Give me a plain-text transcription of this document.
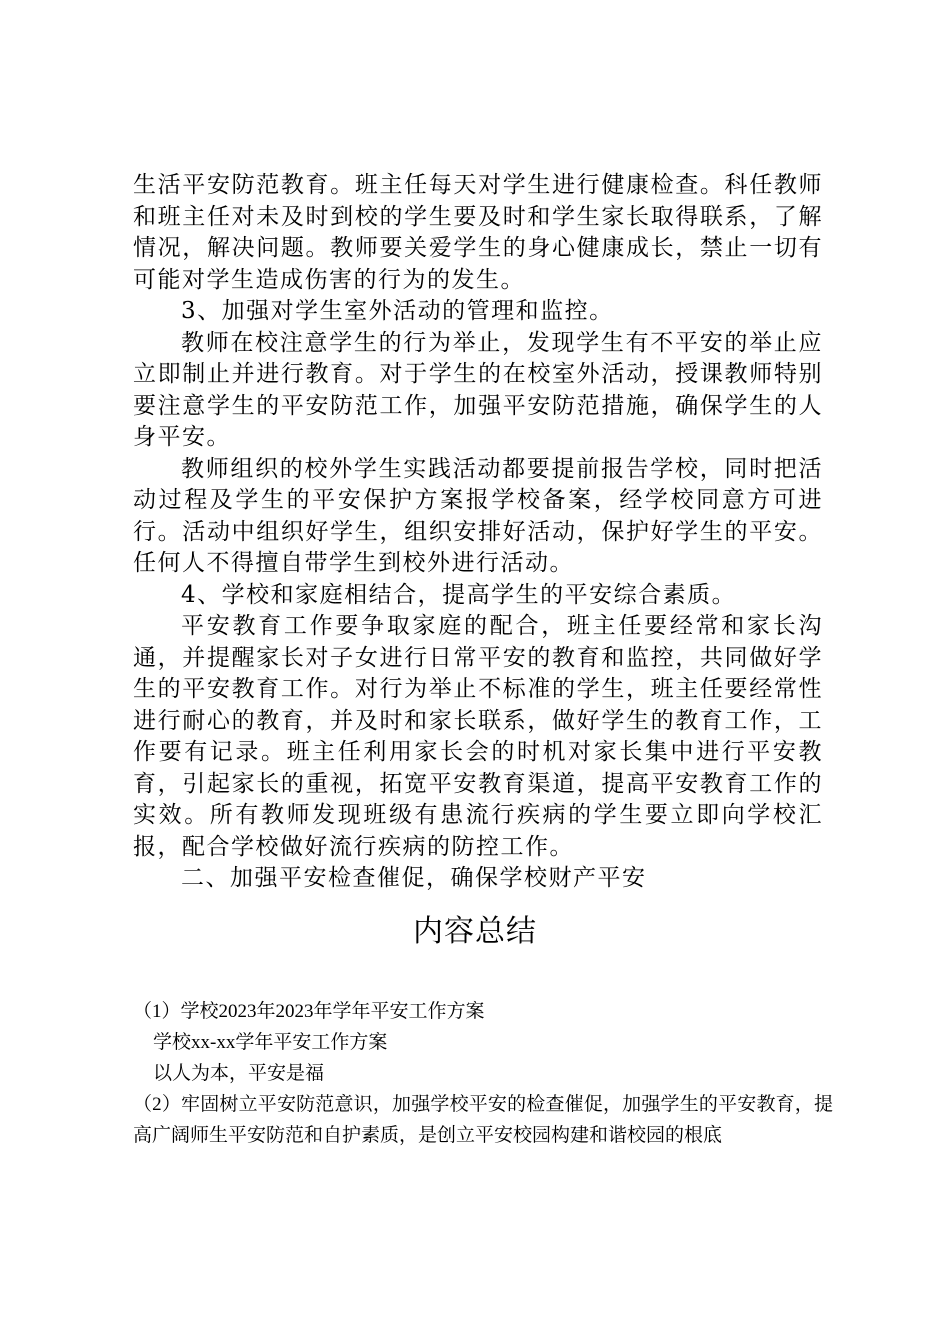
生活平安防范教育。班主任每天对学生进行健康检查。科任教师和班主任对未及时到校的学生要及时和学生家长取得联系，了解情况，解决问题。教师要关爱学生的身心健康成长，禁止一切有可能对学生造成伤害的行为的发生。

3、加强对学生室外活动的管理和监控。

教师在校注意学生的行为举止，发现学生有不平安的举止应立即制止并进行教育。对于学生的在校室外活动，授课教师特别要注意学生的平安防范工作，加强平安防范措施，确保学生的人身平安。

教师组织的校外学生实践活动都要提前报告学校，同时把活动过程及学生的平安保护方案报学校备案，经学校同意方可进行。活动中组织好学生，组织安排好活动，保护好学生的平安。任何人不得擅自带学生到校外进行活动。

4、学校和家庭相结合，提高学生的平安综合素质。

平安教育工作要争取家庭的配合，班主任要经常和家长沟通，并提醒家长对子女进行日常平安的教育和监控，共同做好学生的平安教育工作。对行为举止不标准的学生，班主任要经常性进行耐心的教育，并及时和家长联系，做好学生的教育工作，工作要有记录。班主任利用家长会的时机对家长集中进行平安教育，引起家长的重视，拓宽平安教育渠道，提高平安教育工作的实效。所有教师发现班级有患流行疾病的学生要立即向学校汇报，配合学校做好流行疾病的防控工作。

二、加强平安检查催促，确保学校财产平安

内容总结

（1）学校2023年2023年学年平安工作方案

学校xx-xx学年平安工作方案

以人为本，平安是福

（2）牢固树立平安防范意识，加强学校平安的检查催促，加强学生的平安教育，提高广阔师生平安防范和自护素质，是创立平安校园构建和谐校园的根底
